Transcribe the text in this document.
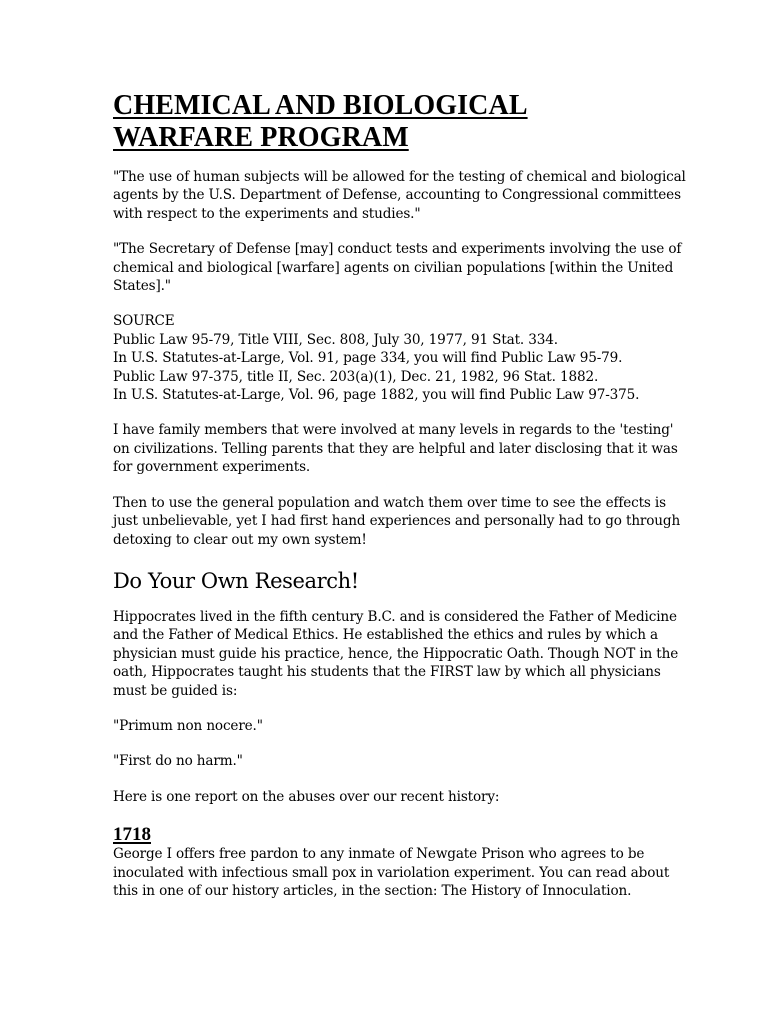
CHEMICAL AND BIOLOGICAL
WARFARE PROGRAM

"The use of human subjects will be allowed for the testing of chemical and biological
agents by the U.S. Department of Defense, accounting to Congressional committees
with respect to the experiments and studies."

"The Secretary of Defense [may] conduct tests and experiments involving the use of
chemical and biological [warfare] agents on civilian populations [within the United
States]."

SOURCE
Public Law 95-79, Title VIII, Sec. 808, July 30, 1977, 91 Stat. 334.
In U.S. Statutes-at-Large, Vol. 91, page 334, you will find Public Law 95-79.
Public Law 97-375, title II, Sec. 203(a)(1), Dec. 21, 1982, 96 Stat. 1882.
In U.S. Statutes-at-Large, Vol. 96, page 1882, you will find Public Law 97-375.

I have family members that were involved at many levels in regards to the 'testing'
on civilizations. Telling parents that they are helpful and later disclosing that it was
for government experiments.

Then to use the general population and watch them over time to see the effects is
just unbelievable, yet I had first hand experiences and personally had to go through
detoxing to clear out my own system!

Do Your Own Research!

Hippocrates lived in the fifth century B.C. and is considered the Father of Medicine
and the Father of Medical Ethics. He established the ethics and rules by which a
physician must guide his practice, hence, the Hippocratic Oath. Though NOT in the
oath, Hippocrates taught his students that the FIRST law by which all physicians
must be guided is:

"Primum non nocere."

"First do no harm."

Here is one report on the abuses over our recent history:

1718

George I offers free pardon to any inmate of Newgate Prison who agrees to be
inoculated with infectious small pox in variolation experiment. You can read about
this in one of our history articles, in the section: The History of Innoculation.
